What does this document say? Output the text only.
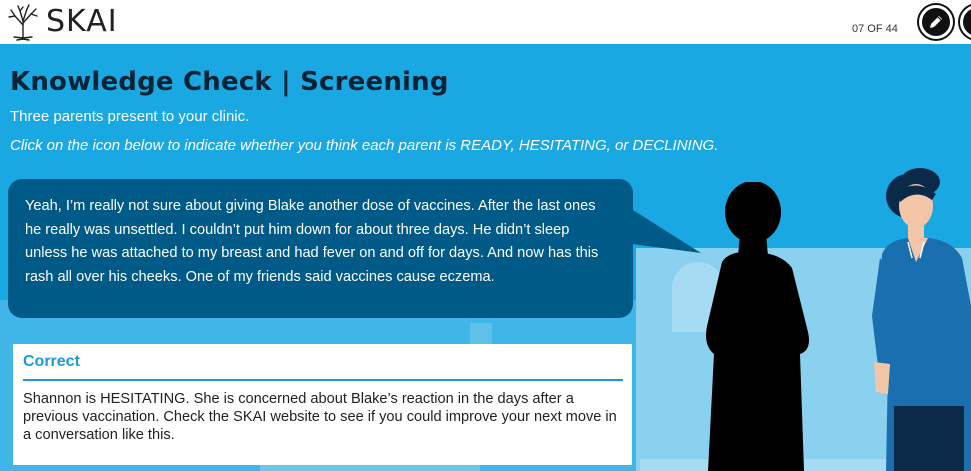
SKAI	07 OF 44
Knowledge Check | Screening
Three parents present to your clinic.
Click on the icon below to indicate whether you think each parent is READY, HESITATING, or DECLINING.

Yeah, I’m really not sure about giving Blake another dose of vaccines. After the last ones he really was unsettled. I couldn’t put him down for about three days. He didn’t sleep unless he was attached to my breast and had fever on and off for days. And now has this rash all over his cheeks. One of my friends said vaccines cause eczema.

Correct

Shannon is HESITATING. She is concerned about Blake’s reaction in the days after a previous vaccination. Check the SKAI website to see if you could improve your next move in a conversation like this.
